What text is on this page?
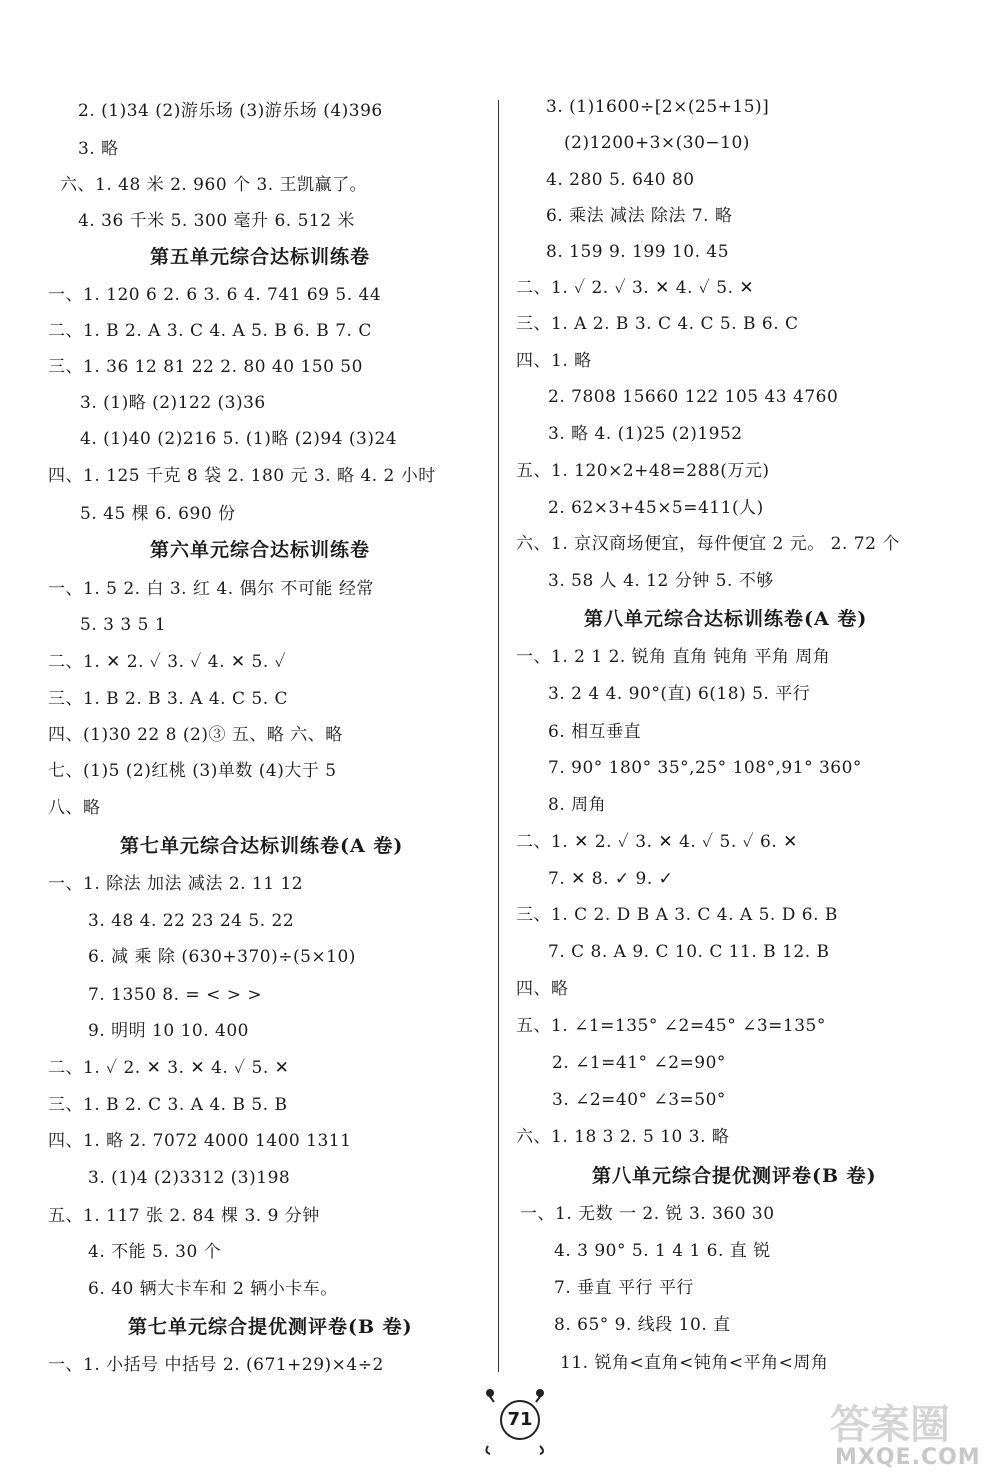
2. (1)34 (2)游乐场 (3)游乐场 (4)396
3. 略
六、1. 48 米 2. 960 个 3. 王凯赢了。
4. 36 千米 5. 300 毫升 6. 512 米
第五单元综合达标训练卷
一、1. 120 6 2. 6 3. 6 4. 741 69 5. 44
二、1. B 2. A 3. C 4. A 5. B 6. B 7. C
三、1. 36 12 81 22 2. 80 40 150 50
3. (1)略 (2)122 (3)36
4. (1)40 (2)216 5. (1)略 (2)94 (3)24
四、1. 125 千克 8 袋 2. 180 元 3. 略 4. 2 小时
5. 45 棵 6. 690 份
第六单元综合达标训练卷
一、1. 5 2. 白 3. 红 4. 偶尔 不可能 经常
5. 3 3 5 1
二、1. ✕ 2. ✓ 3. ✓ 4. ✕ 5. ✓
三、1. B 2. B 3. A 4. C 5. C
四、(1)30 22 8 (2)③ 五、略 六、略
七、(1)5 (2)红桃 (3)单数 (4)大于 5
八、略
第七单元综合达标训练卷(A 卷)
一、1. 除法 加法 减法 2. 11 12
3. 48 4. 22 23 24 5. 22
6. 减 乘 除 (630+370)÷(5×10)
7. 1350 8. = < > >
9. 明明 10 10. 400
二、1. ✓ 2. ✕ 3. ✕ 4. ✓ 5. ✕
三、1. B 2. C 3. A 4. B 5. B
四、1. 略 2. 7072 4000 1400 1311
3. (1)4 (2)3312 (3)198
五、1. 117 张 2. 84 棵 3. 9 分钟
4. 不能 5. 30 个
6. 40 辆大卡车和 2 辆小卡车。
第七单元综合提优测评卷(B 卷)
一、1. 小括号 中括号 2. (671+29)×4÷2
3. (1)1600÷[2×(25+15)]
(2)1200+3×(30−10)
4. 280 5. 640 80
6. 乘法 减法 除法 7. 略
8. 159 9. 199 10. 45
二、1. ✓ 2. ✓ 3. ✕ 4. ✓ 5. ✕
三、1. A 2. B 3. C 4. C 5. B 6. C
四、1. 略
2. 7808 15660 122 105 43 4760
3. 略 4. (1)25 (2)1952
五、1. 120×2+48=288(万元)
2. 62×3+45×5=411(人)
六、1. 京汉商场便宜，每件便宜 2 元。 2. 72 个
3. 58 人 4. 12 分钟 5. 不够
第八单元综合达标训练卷(A 卷)
一、1. 2 1 2. 锐角 直角 钝角 平角 周角
3. 2 4 4. 90°(直) 6(18) 5. 平行
6. 相互垂直
7. 90° 180° 35°,25° 108°,91° 360°
8. 周角
二、1. ✕ 2. ✓ 3. ✕ 4. ✓ 5. ✓ 6. ✕
7. ✕ 8. ✓ 9. ✓
三、1. C 2. D B A 3. C 4. A 5. D 6. B
7. C 8. A 9. C 10. C 11. B 12. B
四、略
五、1. ∠1=135° ∠2=45° ∠3=135°
2. ∠1=41° ∠2=90°
3. ∠2=40° ∠3=50°
六、1. 18 3 2. 5 10 3. 略
第八单元综合提优测评卷(B 卷)
一、1. 无数 一 2. 锐 3. 360 30
4. 3 90° 5. 1 4 1 6. 直 锐
7. 垂直 平行 平行
8. 65° 9. 线段 10. 直
11. 锐角<直角<钝角<平角<周角
71	答案圈
MXQE.COM
